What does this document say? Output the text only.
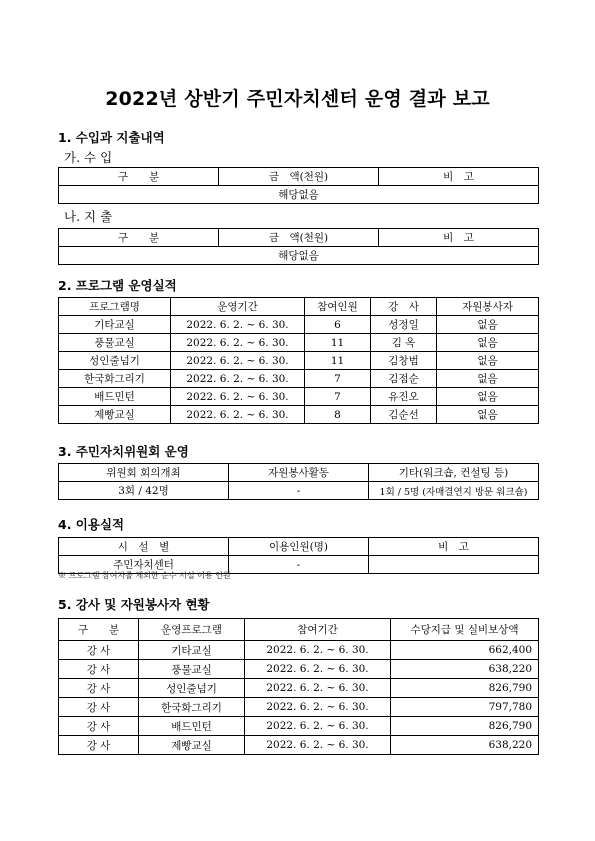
2022년 상반기 주민자치센터 운영 결과 보고
1. 수입과 지출내역
가. 수 입
구　　분	금　액(천원)	비　고
해당없음
나. 지 출
구　　분	금　액(천원)	비　고
해당없음
2. 프로그램 운영실적
프로그램명	운영기간	참여인원	강　사	자원봉사자
기타교실	2022. 6. 2. ∼ 6. 30.	6	성정일	없음
풍물교실	2022. 6. 2. ∼ 6. 30.	11	김 옥	없음
성인줄넘기	2022. 6. 2. ∼ 6. 30.	11	김창범	없음
한국화그리기	2022. 6. 2. ∼ 6. 30.	7	김점순	없음
배드민턴	2022. 6. 2. ∼ 6. 30.	7	유진오	없음
제빵교실	2022. 6. 2. ∼ 6. 30.	8	김순선	없음
3. 주민자치위원회 운영
위원회 회의개최	자원봉사활동	기타(워크숍, 컨설팅 등)
3회 / 42명	-	1회 / 5명 (자매결연지 방문 워크숍)
4. 이용실적
시　설　별	이용인원(명)	비　고
주민자치센터	-	
※ 프로그램 참여자를 제외한 순수 시설 이용 인원
5. 강사 및 자원봉사자 현황
구　　분	운영프로그램	참여기간	수당지급 및 실비보상액
강 사	기타교실	2022. 6. 2. ∼ 6. 30.	662,400
강 사	풍물교실	2022. 6. 2. ∼ 6. 30.	638,220
강 사	성인줄넘기	2022. 6. 2. ∼ 6. 30.	826,790
강 사	한국화그리기	2022. 6. 2. ∼ 6. 30.	797,780
강 사	배드민턴	2022. 6. 2. ∼ 6. 30.	826,790
강 사	제빵교실	2022. 6. 2. ∼ 6. 30.	638,220
